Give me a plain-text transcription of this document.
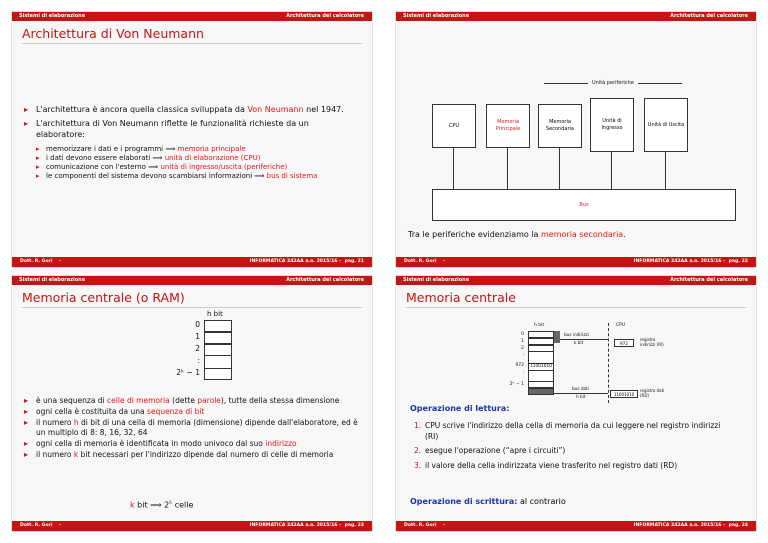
Sistemi di elaborazione	Architettura del calcolatore
Architettura di Von Neumann
▸ L'architettura è ancora quella classica sviluppata da Von Neumann nel 1947.
▸ L'architettura di Von Neumann riflette le funzionalità richieste da un elaboratore:
▸ memorizzare i dati e i programmi ⟹ memoria principale
▸ i dati devono essere elaborati ⟹ unità di elaborazione (CPU)
▸ comunicazione con l'esterno ⟹ unità di ingresso/uscita (periferiche)
▸ le componenti del sistema devono scambiarsi informazioni ⟹ bus di sistema
Dott. R. Gori –	INFORMATICA 242AA a.a. 2015/16 – pag. 21
Sistemi di elaborazione	Architettura del calcolatore
Unità periferiche
CPU
Memoria Principale
Memoria Secondaria
Unità di Ingresso
Unità di Uscita
Bus
Tra le periferiche evidenziamo la memoria secondaria.
Dott. R. Gori –	INFORMATICA 242AA a.a. 2015/16 – pag. 22
Sistemi di elaborazione	Architettura del calcolatore
Memoria centrale (o RAM)
h bit
0
1
2
:
2ᵏ − 1
▸ è una sequenza di celle di memoria (dette parole), tutte della stessa dimensione
▸ ogni cella è costituita da una sequenza di bit
▸ il numero h di bit di una cella di memoria (dimensione) dipende dall'elaboratore, ed è un multiplo di 8: 8, 16, 32, 64
▸ ogni cella di memoria è identificata in modo univoco dal suo indirizzo
▸ il numero k bit necessari per l'indirizzo dipende dal numero di celle di memoria
k bit ⟹ 2$^k$ celle
Dott. R. Gori –	INFORMATICA 242AA a.a. 2015/16 – pag. 23
Sistemi di elaborazione	Architettura del calcolatore
Memoria centrale
h bit	CPU
0
1
2
:
972
:
2ᵏ − 1
11001010
bus indirizzi
k bit	972
registro indirizzi (RI)
bus dati
h bit	11001010
registro dati (RD)
Operazione di lettura:
1. CPU scrive l'indirizzo della cella di memoria da cui leggere nel registro indirizzi (RI)
2. esegue l'operazione (“apre i circuiti”)
3. il valore della cella indirizzata viene trasferito nel registro dati (RD)
Operazione di scrittura: al contrario
Dott. R. Gori –	INFORMATICA 242AA a.a. 2015/16 – pag. 24
